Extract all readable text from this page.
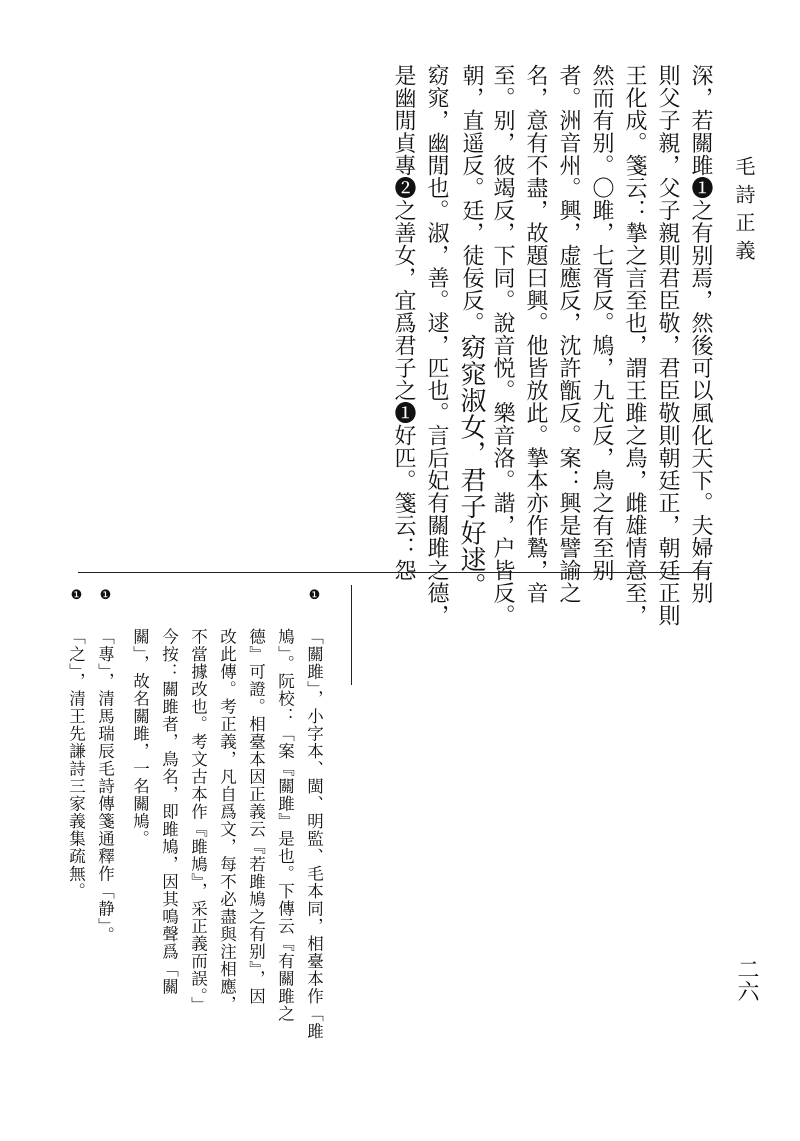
毛詩正義
深，若關雎❶之有别焉，然後可以風化天下。夫婦有别
則父子親，父子親則君臣敬，君臣敬則朝廷正，朝廷正則
王化成。箋云：摯之言至也，謂王雎之鳥，雌雄情意至，
然而有别。〇雎，七胥反。鳩，九尤反，鳥之有至别
者。洲音州。興，虚應反，沈許甑反。案：興是譬諭之
名，意有不盡，故題曰興。他皆放此。摯本亦作鷙，音
至。别，彼竭反，下同。說音悦。樂音洛。諧，户皆反。
朝，直遥反。廷，徒佞反。窈窕淑女，君子好逑。
窈窕，幽閒也。淑，善。逑，匹也。言后妃有關雎之德，
是幽閒貞專❷之善女，宜爲君子之❶好匹。箋云：怨
❶
「關雎」，小字本、閩、明監、毛本同，相臺本作「雎
鳩」。阮校：「案『關雎』是也。下傳云『有關雎之
德』可證。相臺本因正義云『若雎鳩之有别』，因
改此傳。考正義，凡自爲文，每不必盡與注相應，
不當據改也。考文古本作『雎鳩』，采正義而誤。」
今按：關雎者，鳥名，即雎鳩，因其鳴聲爲「關
關」，故名關雎，一名關鳩。
❶
「專」，清馬瑞辰毛詩傳箋通釋作「静」。
❶
「之」，清王先謙詩三家義集疏無。
二六
